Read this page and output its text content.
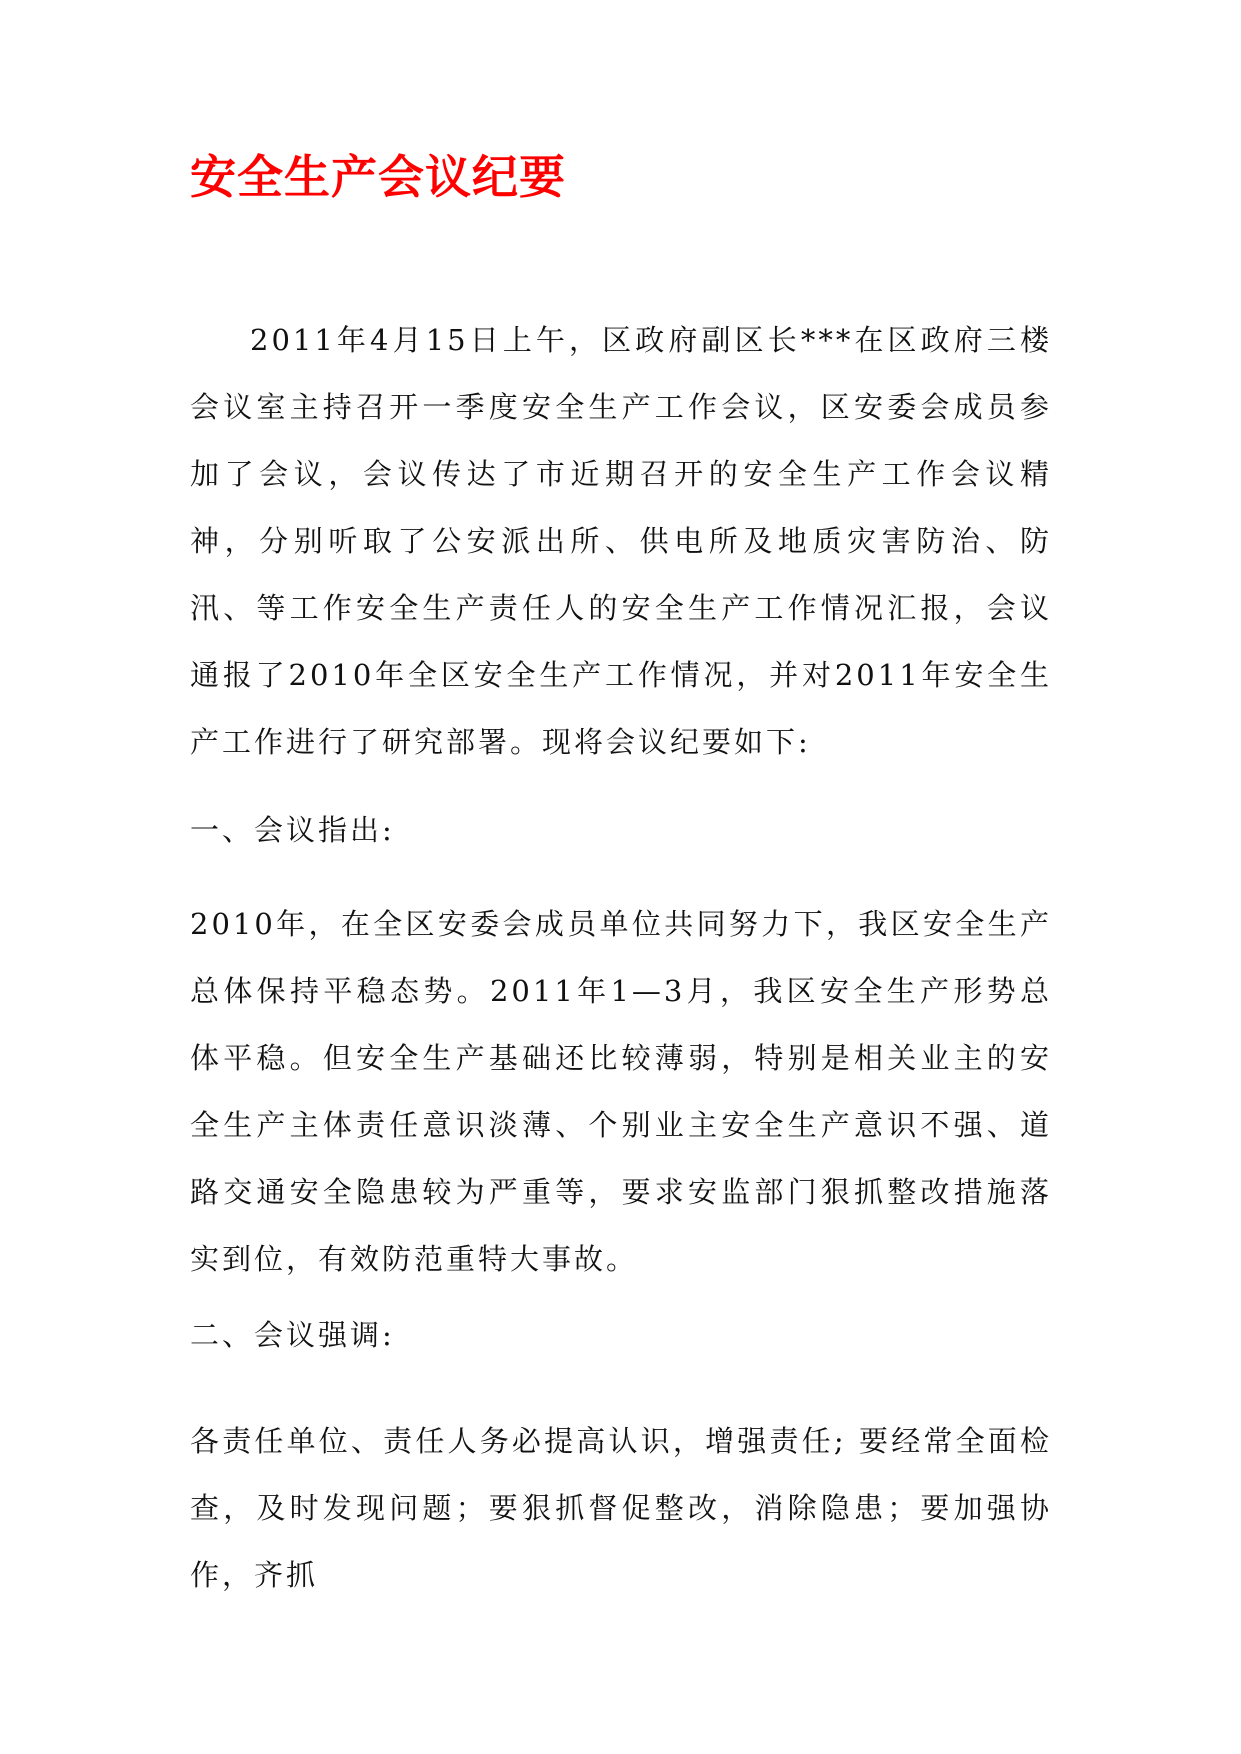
安全生产会议纪要

2011年4月15日上午，区政府副区长***在区政府三楼会议室主持召开一季度安全生产工作会议，区安委会成员参加了会议，会议传达了市近期召开的安全生产工作会议精神，分别听取了公安派出所、供电所及地质灾害防治、防汛、等工作安全生产责任人的安全生产工作情况汇报，会议通报了2010年全区安全生产工作情况，并对2011年安全生产工作进行了研究部署。现将会议纪要如下:

一、会议指出:

2010年，在全区安委会成员单位共同努力下，我区安全生产总体保持平稳态势。2011年1—3月，我区安全生产形势总体平稳。但安全生产基础还比较薄弱，特别是相关业主的安全生产主体责任意识淡薄、个别业主安全生产意识不强、道路交通安全隐患较为严重等，要求安监部门狠抓整改措施落实到位，有效防范重特大事故。

二、会议强调:

各责任单位、责任人务必提高认识，增强责任; 要经常全面检查，及时发现问题；要狠抓督促整改，消除隐患；要加强协作，齐抓
